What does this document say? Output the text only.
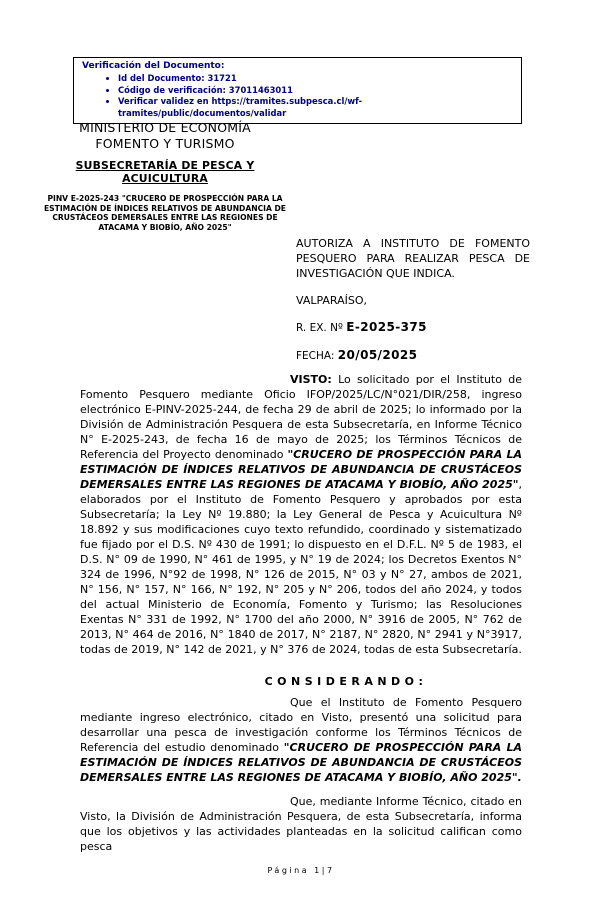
Verificación del Documento:
• Id del Documento: 31721
• Código de verificación: 37011463011
• Verificar validez en https://tramites.subpesca.cl/wf-tramites/public/documentos/validar
MINISTERIO DE ECONOMÍA
FOMENTO Y TURISMO
SUBSECRETARÍA DE PESCA Y ACUICULTURA
PINV E-2025-243 "CRUCERO DE PROSPECCIÓN PARA LA ESTIMACIÓN DE ÍNDICES RELATIVOS DE ABUNDANCIA DE CRUSTÁCEOS DEMERSALES ENTRE LAS REGIONES DE ATACAMA Y BIOBÍO, AÑO 2025"
AUTORIZA A INSTITUTO DE FOMENTO PESQUERO PARA REALIZAR PESCA DE INVESTIGACIÓN QUE INDICA.
VALPARAÍSO,
R. EX. Nº E-2025-375
FECHA: 20/05/2025

VISTO: Lo solicitado por el Instituto de Fomento Pesquero mediante Oficio IFOP/2025/LC/N°021/DIR/258, ingreso electrónico E-PINV-2025-244, de fecha 29 de abril de 2025; lo informado por la División de Administración Pesquera de esta Subsecretaría, en Informe Técnico N° E-2025-243, de fecha 16 de mayo de 2025; los Términos Técnicos de Referencia del Proyecto denominado "CRUCERO DE PROSPECCIÓN PARA LA ESTIMACIÓN DE ÍNDICES RELATIVOS DE ABUNDANCIA DE CRUSTÁCEOS DEMERSALES ENTRE LAS REGIONES DE ATACAMA Y BIOBÍO, AÑO 2025", elaborados por el Instituto de Fomento Pesquero y aprobados por esta Subsecretaría; la Ley Nº 19.880; la Ley General de Pesca y Acuicultura Nº 18.892 y sus modificaciones cuyo texto refundido, coordinado y sistematizado fue fijado por el D.S. Nº 430 de 1991; lo dispuesto en el D.F.L. Nº 5 de 1983, el D.S. N° 09 de 1990, N° 461 de 1995, y N° 19 de 2024; los Decretos Exentos N° 324 de 1996, N°92 de 1998, N° 126 de 2015, N° 03 y N° 27, ambos de 2021, N° 156, N° 157, N° 166, N° 192, N° 205 y N° 206, todos del año 2024, y todos del actual Ministerio de Economía, Fomento y Turismo; las Resoluciones Exentas N° 331 de 1992, N° 1700 del año 2000, N° 3916 de 2005, N° 762 de 2013, N° 464 de 2016, N° 1840 de 2017, N° 2187, N° 2820, N° 2941 y N°3917, todas de 2019, N° 142 de 2021, y N° 376 de 2024, todas de esta Subsecretaría.

CONSIDERANDO:

Que el Instituto de Fomento Pesquero mediante ingreso electrónico, citado en Visto, presentó una solicitud para desarrollar una pesca de investigación conforme los Términos Técnicos de Referencia del estudio denominado "CRUCERO DE PROSPECCIÓN PARA LA ESTIMACIÓN DE ÍNDICES RELATIVOS DE ABUNDANCIA DE CRUSTÁCEOS DEMERSALES ENTRE LAS REGIONES DE ATACAMA Y BIOBÍO, AÑO 2025".

Que, mediante Informe Técnico, citado en Visto, la División de Administración Pesquera, de esta Subsecretaría, informa que los objetivos y las actividades planteadas en la solicitud califican como pesca

Página 1|7
